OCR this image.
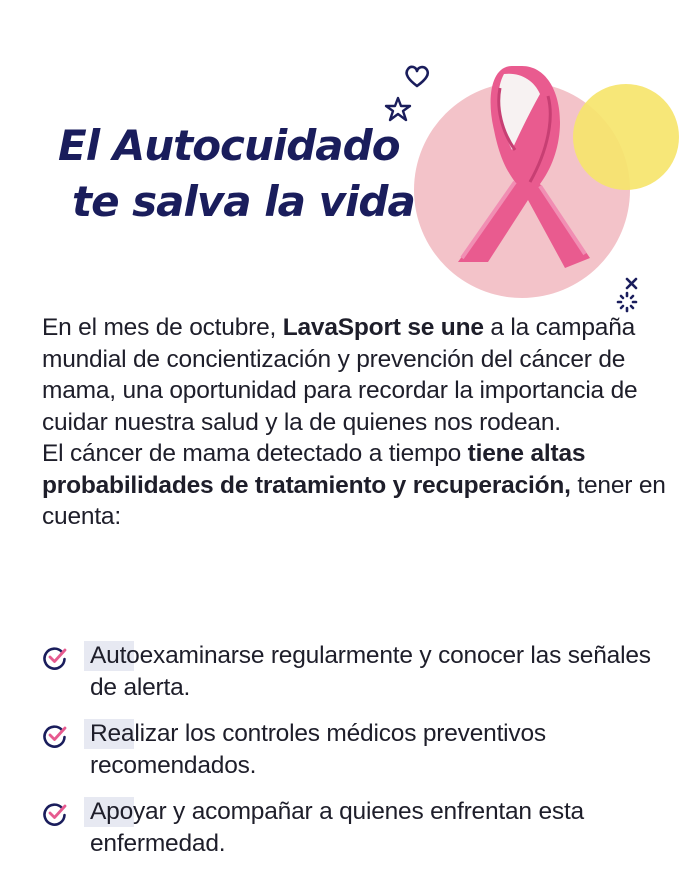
El Autocuidado
te salva la vida

En el mes de octubre, LavaSport se une a la campaña mundial de concientización y prevención del cáncer de mama, una oportunidad para recordar la importancia de cuidar nuestra salud y la de quienes nos rodean.

El cáncer de mama detectado a tiempo tiene altas probabilidades de tratamiento y recuperación, tener en cuenta:

Autoexaminarse regularmente y conocer las señales de alerta.
Realizar los controles médicos preventivos recomendados.
Apoyar y acompañar a quienes enfrentan esta enfermedad.
